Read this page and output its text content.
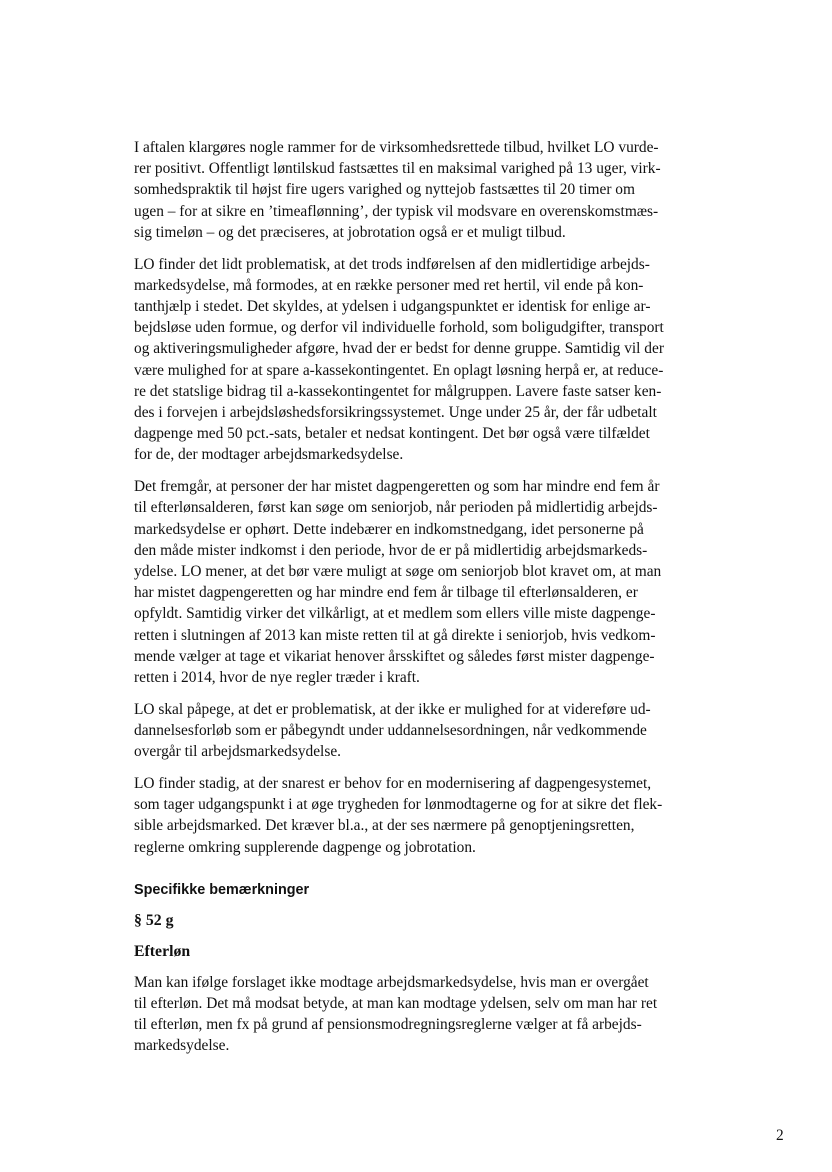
I aftalen klargøres nogle rammer for de virksomhedsrettede tilbud, hvilket LO vurde-
rer positivt. Offentligt løntilskud fastsættes til en maksimal varighed på 13 uger, virk-
somhedspraktik til højst fire ugers varighed og nyttejob fastsættes til 20 timer om
ugen – for at sikre en ’timeaflønning’, der typisk vil modsvare en overenskomstmæs-
sig timeløn – og det præciseres, at jobrotation også er et muligt tilbud.

LO finder det lidt problematisk, at det trods indførelsen af den midlertidige arbejds-
markedsydelse, må formodes, at en række personer med ret hertil, vil ende på kon-
tanthjælp i stedet. Det skyldes, at ydelsen i udgangspunktet er identisk for enlige ar-
bejdsløse uden formue, og derfor vil individuelle forhold, som boligudgifter, transport
og aktiveringsmuligheder afgøre, hvad der er bedst for denne gruppe. Samtidig vil der
være mulighed for at spare a-kassekontingentet. En oplagt løsning herpå er, at reduce-
re det statslige bidrag til a-kassekontingentet for målgruppen. Lavere faste satser ken-
des i forvejen i arbejdsløshedsforsikringssystemet. Unge under 25 år, der får udbetalt
dagpenge med 50 pct.-sats, betaler et nedsat kontingent. Det bør også være tilfældet
for de, der modtager arbejdsmarkedsydelse.

Det fremgår, at personer der har mistet dagpengeretten og som har mindre end fem år
til efterlønsalderen, først kan søge om seniorjob, når perioden på midlertidig arbejds-
markedsydelse er ophørt. Dette indebærer en indkomstnedgang, idet personerne på
den måde mister indkomst i den periode, hvor de er på midlertidig arbejdsmarkeds-
ydelse. LO mener, at det bør være muligt at søge om seniorjob blot kravet om, at man
har mistet dagpengeretten og har mindre end fem år tilbage til efterlønsalderen, er
opfyldt. Samtidig virker det vilkårligt, at et medlem som ellers ville miste dagpenge-
retten i slutningen af 2013 kan miste retten til at gå direkte i seniorjob, hvis vedkom-
mende vælger at tage et vikariat henover årsskiftet og således først mister dagpenge-
retten i 2014, hvor de nye regler træder i kraft.

LO skal påpege, at det er problematisk, at der ikke er mulighed for at videreføre ud-
dannelsesforløb som er påbegyndt under uddannelsesordningen, når vedkommende
overgår til arbejdsmarkedsydelse.

LO finder stadig, at der snarest er behov for en modernisering af dagpengesystemet,
som tager udgangspunkt i at øge trygheden for lønmodtagerne og for at sikre det flek-
sible arbejdsmarked. Det kræver bl.a., at der ses nærmere på genoptjeningsretten,
reglerne omkring supplerende dagpenge og jobrotation.

Specifikke bemærkninger
§ 52 g
Efterløn

Man kan ifølge forslaget ikke modtage arbejdsmarkedsydelse, hvis man er overgået
til efterløn. Det må modsat betyde, at man kan modtage ydelsen, selv om man har ret
til efterløn, men fx på grund af pensionsmodregningsreglerne vælger at få arbejds-
markedsydelse.

2
